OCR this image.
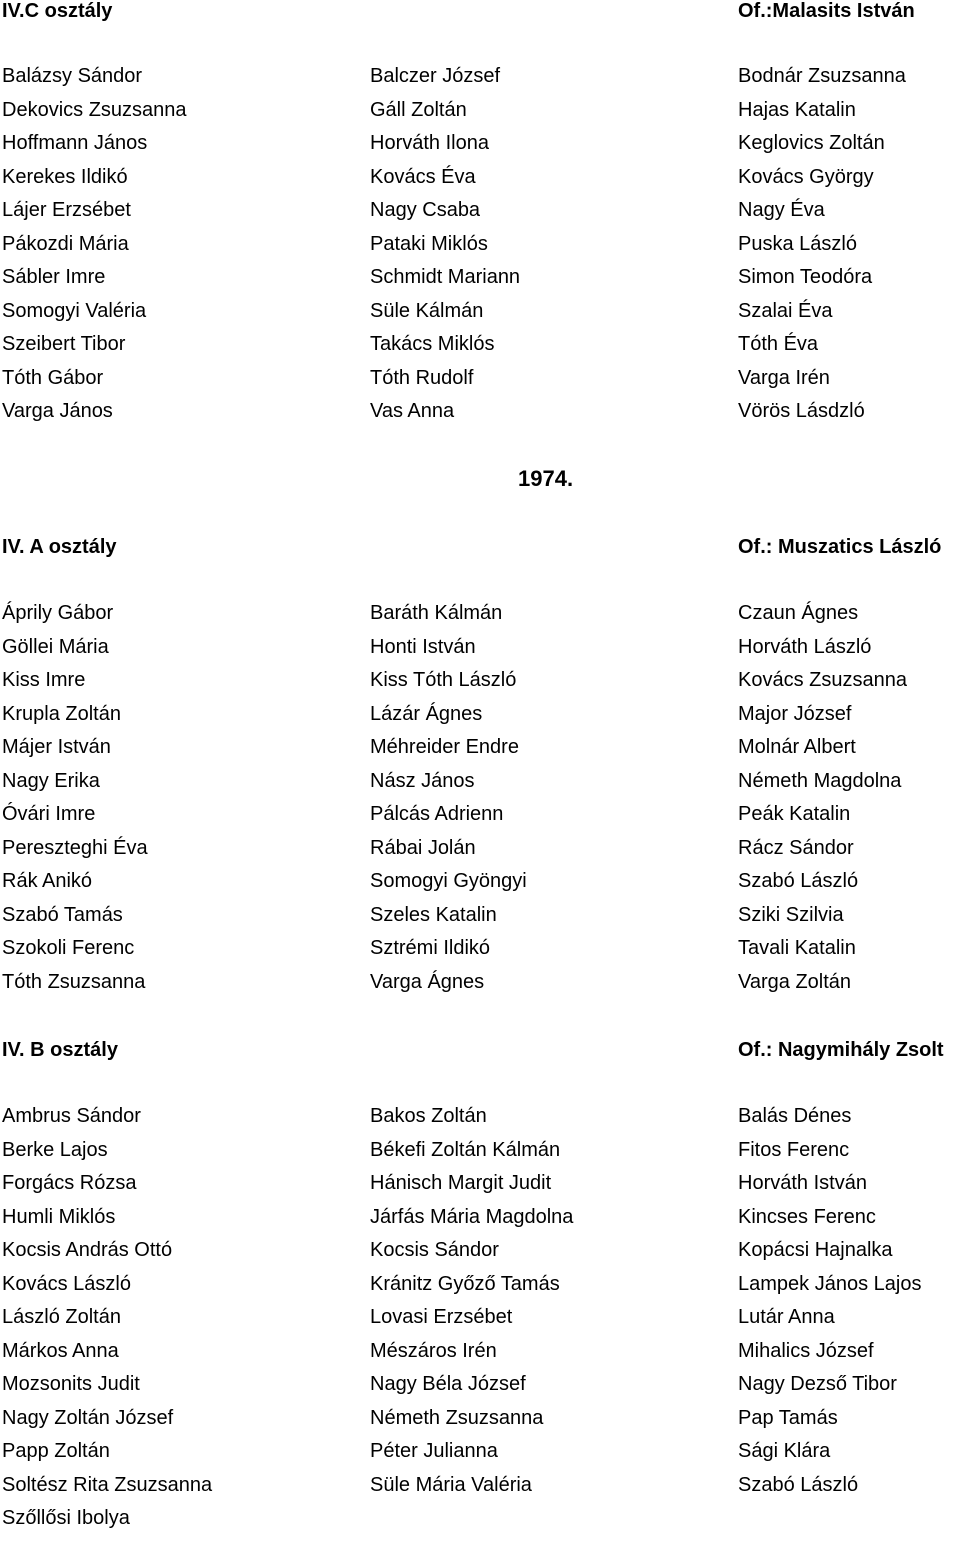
IV.C osztály	Of.:Malasits István
Balázsy Sándor	Balczer József	Bodnár Zsuzsanna
Dekovics Zsuzsanna	Gáll Zoltán	Hajas Katalin
Hoffmann János	Horváth Ilona	Keglovics Zoltán
Kerekes Ildikó	Kovács Éva	Kovács György
Lájer Erzsébet	Nagy Csaba	Nagy Éva
Pákozdi Mária	Pataki Miklós	Puska László
Sábler Imre	Schmidt Mariann	Simon Teodóra
Somogyi Valéria	Süle Kálmán	Szalai Éva
Szeibert Tibor	Takács Miklós	Tóth Éva
Tóth Gábor	Tóth Rudolf	Varga Irén
Varga János	Vas Anna	Vörös Lásdzló
1974.
IV. A osztály	Of.: Muszatics László
Áprily Gábor	Baráth Kálmán	Czaun Ágnes
Göllei Mária	Honti István	Horváth László
Kiss Imre	Kiss Tóth László	Kovács Zsuzsanna
Krupla Zoltán	Lázár Ágnes	Major József
Májer István	Méhreider Endre	Molnár Albert
Nagy Erika	Nász János	Németh Magdolna
Óvári Imre	Pálcás Adrienn	Peák Katalin
Pereszteghi Éva	Rábai Jolán	Rácz Sándor
Rák Anikó	Somogyi Gyöngyi	Szabó László
Szabó Tamás	Szeles Katalin	Sziki Szilvia
Szokoli Ferenc	Sztrémi Ildikó	Tavali Katalin
Tóth Zsuzsanna	Varga Ágnes	Varga Zoltán
IV. B osztály	Of.: Nagymihály Zsolt
Ambrus Sándor	Bakos Zoltán	Balás Dénes
Berke Lajos	Békefi Zoltán Kálmán	Fitos Ferenc
Forgács Rózsa	Hánisch Margit Judit	Horváth István
Humli Miklós	Járfás Mária Magdolna	Kincses Ferenc
Kocsis András Ottó	Kocsis Sándor	Kopácsi Hajnalka
Kovács László	Kránitz Győző Tamás	Lampek János Lajos
László Zoltán	Lovasi Erzsébet	Lutár Anna
Márkos Anna	Mészáros Irén	Mihalics József
Mozsonits Judit	Nagy Béla József	Nagy Dezső Tibor
Nagy Zoltán József	Németh Zsuzsanna	Pap Tamás
Papp Zoltán	Péter Julianna	Sági Klára
Soltész Rita Zsuzsanna	Süle Mária Valéria	Szabó László
Szőllősi Ibolya
